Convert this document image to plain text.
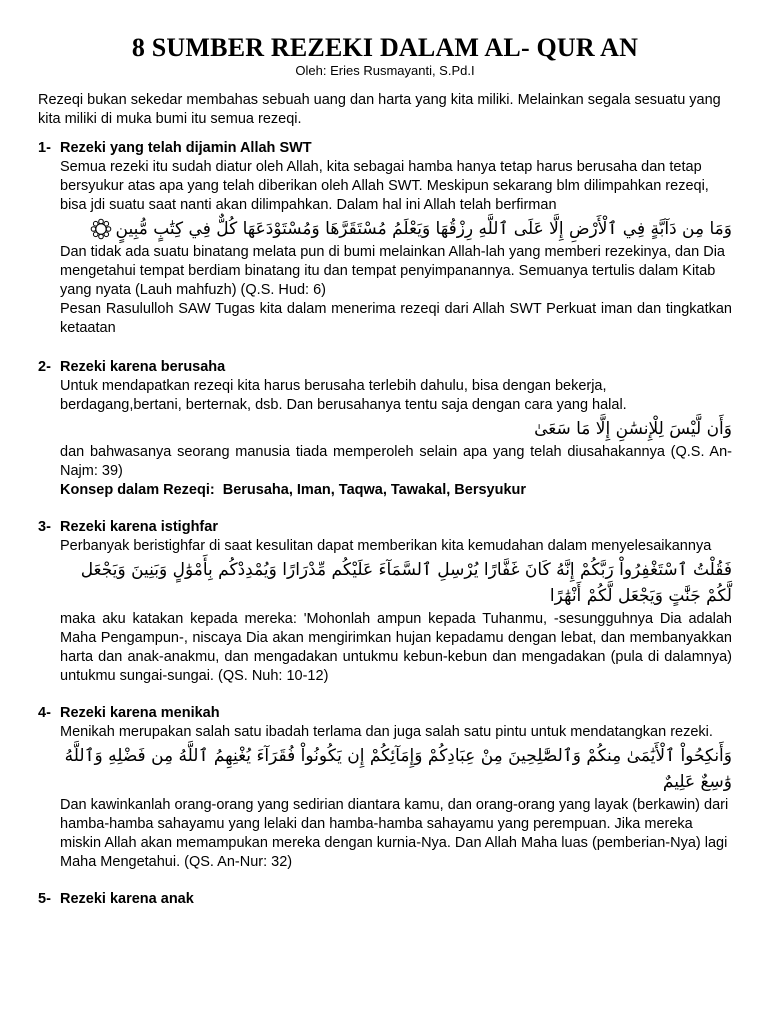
8 SUMBER REZEKI DALAM AL- QUR AN

Oleh: Eries Rusmayanti, S.Pd.I

Rezeqi bukan sekedar membahas sebuah uang dan harta yang kita miliki. Melainkan segala sesuatu yang kita miliki di muka bumi itu semua rezeqi.

1- Rezeki yang telah dijamin Allah SWT

Semua rezeki itu sudah diatur oleh Allah, kita sebagai hamba hanya tetap harus berusaha dan tetap bersyukur atas apa yang telah diberikan oleh Allah SWT. Meskipun sekarang blm dilimpahkan rezeqi, bisa jdi suatu saat nanti akan dilimpahkan. Dalam hal ini Allah telah berfirman

وَمَا مِن دَآبَّةٍ فِي ٱلْأَرْضِ إِلَّا عَلَى ٱللَّهِ رِزْقُهَا وَيَعْلَمُ مُسْتَقَرَّهَا وَمُسْتَوْدَعَهَا كُلٌّ فِي كِتَٰبٍ مُّبِينٍ

Dan tidak ada suatu binatang melata pun di bumi melainkan Allah-lah yang memberi rezekinya, dan Dia mengetahui tempat berdiam binatang itu dan tempat penyimpanannya. Semuanya tertulis dalam Kitab yang nyata (Lauh mahfuzh) (Q.S. Hud: 6)

Pesan Rasululloh SAW Tugas kita dalam menerima rezeqi dari Allah SWT Perkuat iman dan tingkatkan ketaatan

2- Rezeki karena berusaha

Untuk mendapatkan rezeqi kita harus berusaha terlebih dahulu, bisa dengan bekerja, berdagang,bertani, berternak, dsb. Dan berusahanya tentu saja dengan cara yang halal.

وَأَن لَّيْسَ لِلْإِنسَٰنِ إِلَّا مَا سَعَىٰ

dan bahwasanya seorang manusia tiada memperoleh selain apa yang telah diusahakannya (Q.S. An-Najm: 39)

Konsep dalam Rezeqi:  Berusaha, Iman, Taqwa, Tawakal, Bersyukur

3- Rezeki karena istighfar

Perbanyak beristighfar di saat kesulitan dapat memberikan kita kemudahan dalam menyelesaikannya

فَقُلْتُ ٱسْتَغْفِرُواْ رَبَّكُمْ إِنَّهُ كَانَ غَفَّارًا يُرْسِلِ ٱلسَّمَآءَ عَلَيْكُم مِّدْرَارًا وَيُمْدِدْكُم بِأَمْوَٰلٍ وَبَنِينَ وَيَجْعَل لَّكُمْ جَنَّٰتٍ وَيَجْعَل لَّكُمْ أَنْهَٰرًا

maka aku katakan kepada mereka: 'Mohonlah ampun kepada Tuhanmu, -sesungguhnya Dia adalah Maha Pengampun-, niscaya Dia akan mengirimkan hujan kepadamu dengan lebat, dan membanyakkan harta dan anak-anakmu, dan mengadakan untukmu kebun-kebun dan mengadakan (pula di dalamnya) untukmu sungai-sungai. (QS. Nuh: 10-12)

4- Rezeki karena menikah

Menikah merupakan salah satu ibadah terlama dan juga salah satu pintu untuk mendatangkan rezeki.

وَأَنكِحُواْ ٱلْأَيَٰمَىٰ مِنكُمْ وَٱلصَّٰلِحِينَ مِنْ عِبَادِكُمْ وَإِمَآئِكُمْ إِن يَكُونُواْ فُقَرَآءَ يُغْنِهِمُ ٱللَّهُ مِن فَضْلِهِ وَٱللَّهُ وَٰسِعٌ عَلِيمٌ

Dan kawinkanlah orang-orang yang sedirian diantara kamu, dan orang-orang yang layak (berkawin) dari hamba-hamba sahayamu yang lelaki dan hamba-hamba sahayamu yang perempuan. Jika mereka miskin Allah akan memampukan mereka dengan kurnia-Nya. Dan Allah Maha luas (pemberian-Nya) lagi Maha Mengetahui. (QS. An-Nur: 32)

5- Rezeki karena anak
